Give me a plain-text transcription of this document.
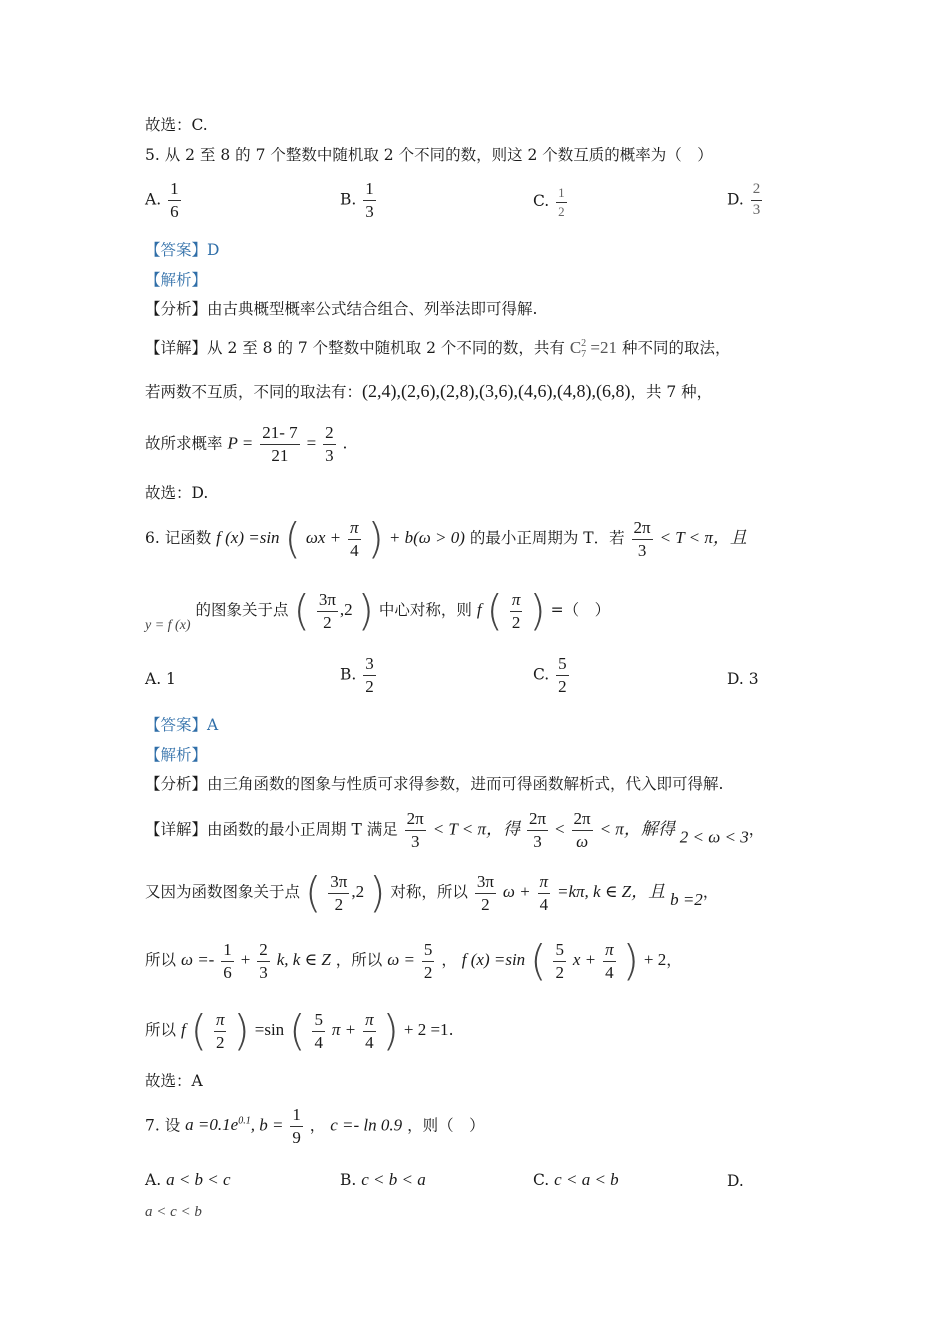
故选：C.
5. 从 2 至 8 的 7 个整数中随机取 2 个不同的数，则这 2 个数互质的概率为（　）
A. $\frac{1}{6}$	B. $\frac{1}{3}$	C. $\frac{1}{2}$	D. $\frac{2}{3}$
【答案】D
【解析】
【分析】由古典概型概率公式结合组合、列举法即可得解.
【详解】从 2 至 8 的 7 个整数中随机取 2 个不同的数，共有 C 2
7 =21 种不同的取法，
若两数不互质，不同的取法有：(2,4),(2,6),(2,8),(3,6),(4,6),(4,8),(6,8)，共 7 种，
故所求概率 $P = \frac{21- 7}{21} = \frac{2}{3}$ .
故选：D.
6. 记函数 f (x) =sin ( $\omega x + \frac{\pi}{4}$ ) + b(ω > 0) 的最小正周期为 T．若 $\frac{2\pi}{3} < T < \pi$，且
y = f (x) 的图象关于点 ( $\frac{3\pi}{2} ,2$ ) 中心对称，则 f ( $\frac{\pi}{2}$ ) =（　）
A. 1	B. $\frac{3}{2}$	C. $\frac{5}{2}$	D. 3
【答案】A
【解析】
【分析】由三角函数的图象与性质可求得参数，进而可得函数解析式，代入即可得解.
【详解】由函数的最小正周期 T 满足 $\frac{2\pi}{3} < T < \pi$，得 $\frac{2\pi}{3} < \frac{2\pi}{\omega} < \pi$，解得 2 < ω < 3，
又因为函数图象关于点 ( $\frac{3\pi}{2} ,2$ ) 对称，所以 $\frac{3\pi}{2}$ $\omega + \frac{\pi}{4} =k\pi$, k ∈ Z，且 b =2，
所以 $\omega =- \frac{1}{6} + \frac{2}{3} k$, k ∈ Z ，所以 $\omega = \frac{5}{2}$ ， f (x) =sin ( $\frac{5}{2}$ $x + \frac{\pi}{4}$ ) + 2，
所以 f ( $\frac{\pi}{2}$ ) =sin ( $\frac{5}{4}$ $\pi + \frac{\pi}{4}$ ) + 2 =1.
故选：A
7. 设 $a =0.1e^{0.1}$, $b = \frac{1}{9}$ ， c =- ln 0.9 ，则（　）
A. a < b < c	B. c < b < a	C. c < a < b	D.
a < c < b
